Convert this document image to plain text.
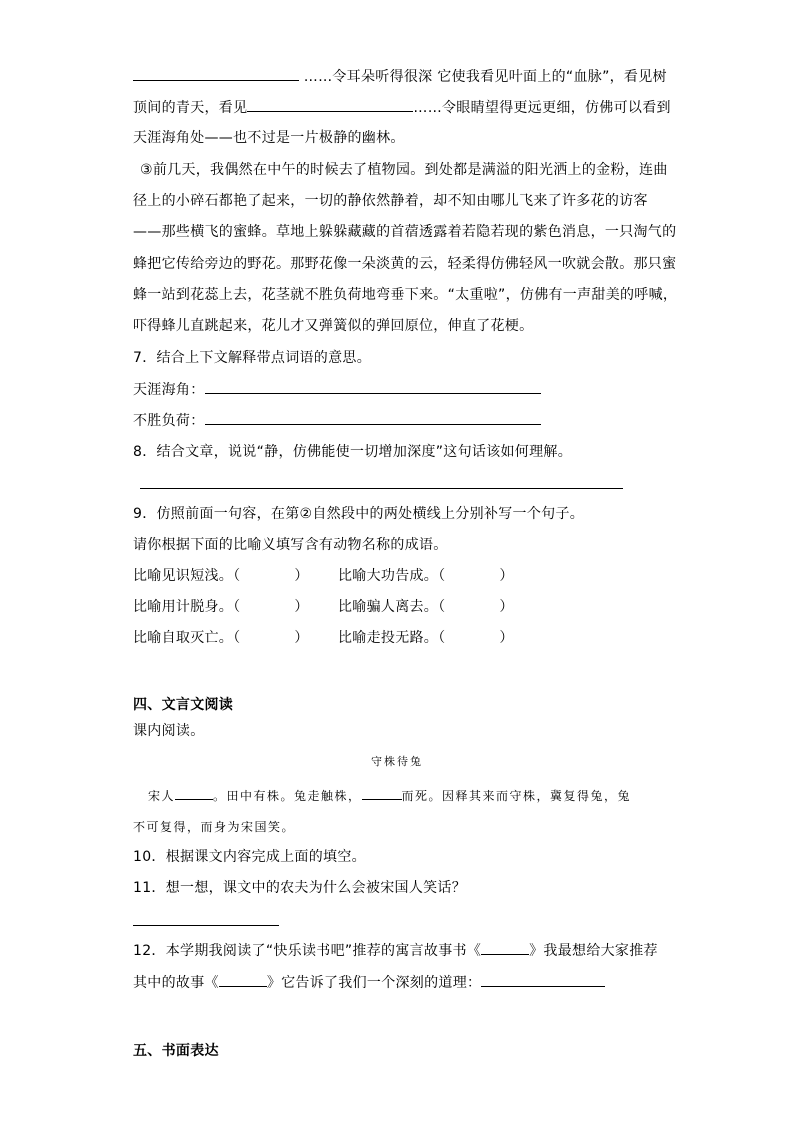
……令耳朵听得很深 它使我看见叶面上的“血脉”，看见树
顶间的青天，看见	……令眼睛望得更远更细，仿佛可以看到
天涯海角处——也不过是一片极静的幽林。
③前几天，我偶然在中午的时候去了植物园。到处都是满溢的阳光洒上的金粉，连曲
径上的小碎石都艳了起来，一切的静依然静着，却不知由哪儿飞来了许多花的访客
——那些横飞的蜜蜂。草地上躲躲藏藏的首蓿透露着若隐若现的紫色消息，一只淘气的
蜂把它传给旁边的野花。那野花像一朵淡黄的云，轻柔得仿佛轻风一吹就会散。那只蜜
蜂一站到花蕊上去，花茎就不胜负荷地弯垂下来。“太重啦”，仿佛有一声甜美的呼喊，
吓得蜂儿直跳起来，花儿才又弹簧似的弹回原位，伸直了花梗。
7．结合上下文解释带点词语的意思。
天涯海角：
不胜负荷：
8．结合文章，说说“静，仿佛能使一切增加深度”这句话该如何理解。
9．仿照前面一句容，在第②自然段中的两处横线上分别补写一个句子。
请你根据下面的比喻义填写含有动物名称的成语。
比喻见识短浅。（	） 比喻大功告成。（	）
比喻用计脱身。（	） 比喻骗人离去。（	）
比喻自取灭亡。（	） 比喻走投无路。（	）
四、文言文阅读
课内阅读。
守株待兔
宋人	。田中有株。兔走触株，	而死。因释其来而守株，冀复得兔，兔
不可复得，而身为宋国笑。
10．根据课文内容完成上面的填空。
11．想一想，课文中的农夫为什么会被宋国人笑话？
12．本学期我阅读了“快乐读书吧”推荐的寓言故事书《	》我最想给大家推荐
其中的故事《	》它告诉了我们一个深刻的道理：
五、书面表达
